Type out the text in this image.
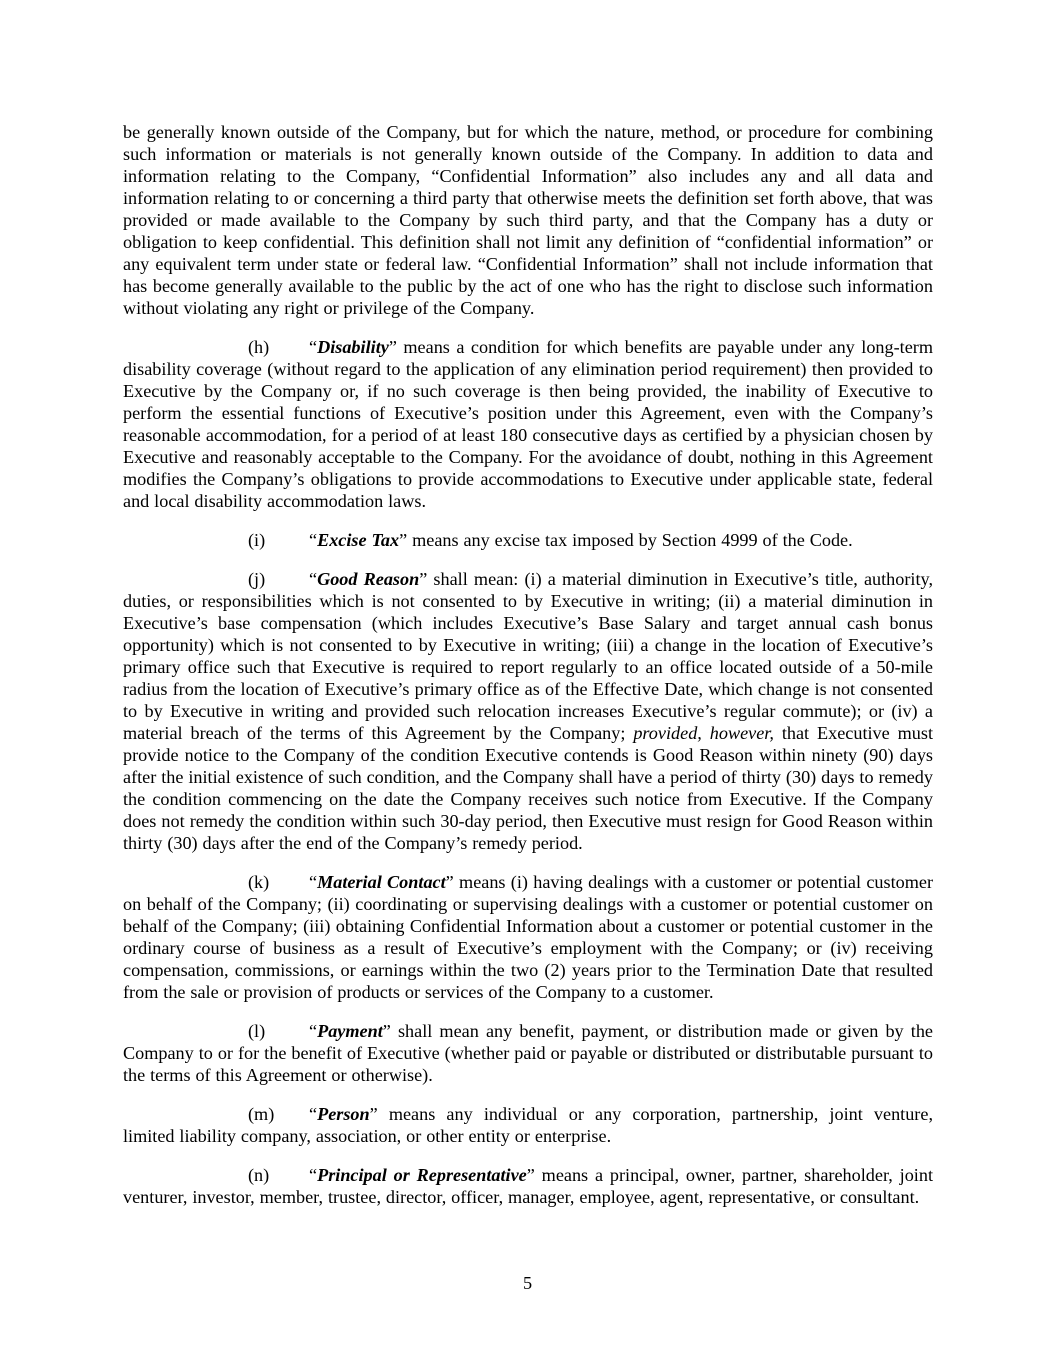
be generally known outside of the Company, but for which the nature, method, or procedure for combining such information or materials is not generally known outside of the Company. In addition to data and information relating to the Company, “Confidential Information” also includes any and all data and information relating to or concerning a third party that otherwise meets the definition set forth above, that was provided or made available to the Company by such third party, and that the Company has a duty or obligation to keep confidential. This definition shall not limit any definition of “confidential information” or any equivalent term under state or federal law. “Confidential Information” shall not include information that has become generally available to the public by the act of one who has the right to disclose such information without violating any right or privilege of the Company.

(h) “Disability” means a condition for which benefits are payable under any long-term disability coverage (without regard to the application of any elimination period requirement) then provided to Executive by the Company or, if no such coverage is then being provided, the inability of Executive to perform the essential functions of Executive’s position under this Agreement, even with the Company’s reasonable accommodation, for a period of at least 180 consecutive days as certified by a physician chosen by Executive and reasonably acceptable to the Company. For the avoidance of doubt, nothing in this Agreement modifies the Company’s obligations to provide accommodations to Executive under applicable state, federal and local disability accommodation laws.

(i) “Excise Tax” means any excise tax imposed by Section 4999 of the Code.

(j) “Good Reason” shall mean: (i) a material diminution in Executive’s title, authority, duties, or responsibilities which is not consented to by Executive in writing; (ii) a material diminution in Executive’s base compensation (which includes Executive’s Base Salary and target annual cash bonus opportunity) which is not consented to by Executive in writing; (iii) a change in the location of Executive’s primary office such that Executive is required to report regularly to an office located outside of a 50-mile radius from the location of Executive’s primary office as of the Effective Date, which change is not consented to by Executive in writing and provided such relocation increases Executive’s regular commute); or (iv) a material breach of the terms of this Agreement by the Company; provided, however, that Executive must provide notice to the Company of the condition Executive contends is Good Reason within ninety (90) days after the initial existence of such condition, and the Company shall have a period of thirty (30) days to remedy the condition commencing on the date the Company receives such notice from Executive. If the Company does not remedy the condition within such 30-day period, then Executive must resign for Good Reason within thirty (30) days after the end of the Company’s remedy period.

(k) “Material Contact” means (i) having dealings with a customer or potential customer on behalf of the Company; (ii) coordinating or supervising dealings with a customer or potential customer on behalf of the Company; (iii) obtaining Confidential Information about a customer or potential customer in the ordinary course of business as a result of Executive’s employment with the Company; or (iv) receiving compensation, commissions, or earnings within the two (2) years prior to the Termination Date that resulted from the sale or provision of products or services of the Company to a customer.

(l) “Payment” shall mean any benefit, payment, or distribution made or given by the Company to or for the benefit of Executive (whether paid or payable or distributed or distributable pursuant to the terms of this Agreement or otherwise).

(m) “Person” means any individual or any corporation, partnership, joint venture, limited liability company, association, or other entity or enterprise.

(n) “Principal or Representative” means a principal, owner, partner, shareholder, joint venturer, investor, member, trustee, director, officer, manager, employee, agent, representative, or consultant.

5
